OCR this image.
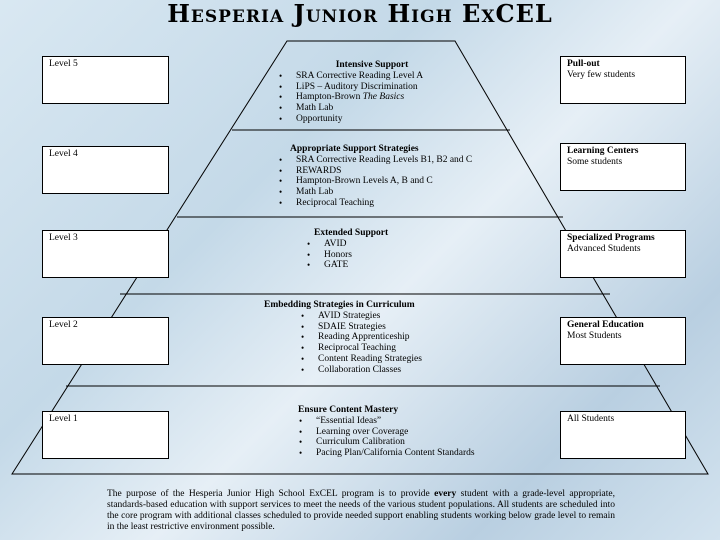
Hesperia Junior High ExCEL
Level 5
Level 4
Level 3
Level 2
Level 1
Pull-out
Very few students
Learning Centers
Some students
Specialized Programs
Advanced Students
General Education
Most Students
All Students
Intensive Support
• SRA Corrective Reading Level A
• LiPS – Auditory Discrimination
• Hampton-Brown The Basics
• Math Lab
• Opportunity
Appropriate Support Strategies
• SRA Corrective Reading Levels B1, B2 and C
• REWARDS
• Hampton-Brown Levels A, B and C
• Math Lab
• Reciprocal Teaching
Extended Support
• AVID
• Honors
• GATE
Embedding Strategies in Curriculum
• AVID Strategies
• SDAIE Strategies
• Reading Apprenticeship
• Reciprocal Teaching
• Content Reading Strategies
• Collaboration Classes
Ensure Content Mastery
• “Essential Ideas”
• Learning over Coverage
• Curriculum Calibration
• Pacing Plan/California Content Standards
The purpose of the Hesperia Junior High School ExCEL program is to provide every student with a grade-level appropriate, standards-based education with support services to meet the needs of the various student populations. All students are scheduled into the core program with additional classes scheduled to provide needed support enabling students working below grade level to remain in the least restrictive environment possible.
